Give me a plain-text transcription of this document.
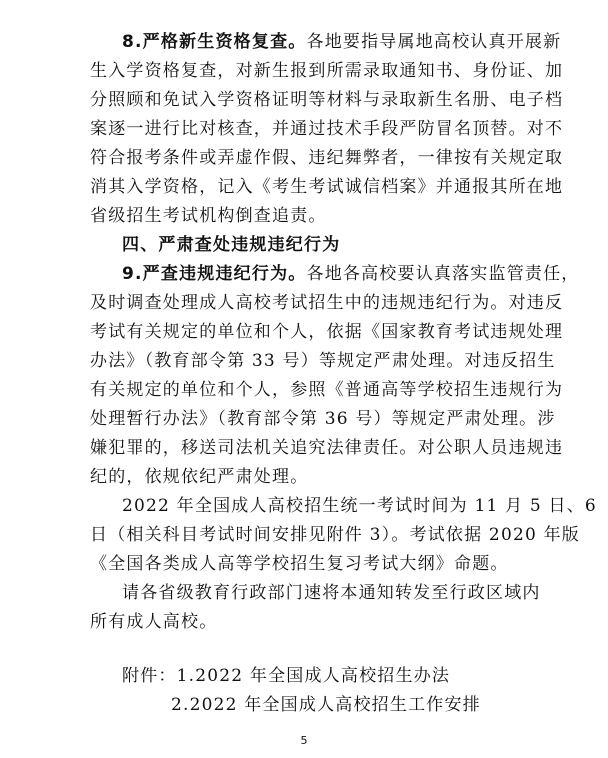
8.严格新生资格复查。各地要指导属地高校认真开展新
生入学资格复查，对新生报到所需录取通知书、身份证、加
分照顾和免试入学资格证明等材料与录取新生名册、电子档
案逐一进行比对核查，并通过技术手段严防冒名顶替。对不
符合报考条件或弄虚作假、违纪舞弊者，一律按有关规定取
消其入学资格，记入《考生考试诚信档案》并通报其所在地
省级招生考试机构倒查追责。
四、严肃查处违规违纪行为
9.严查违规违纪行为。各地各高校要认真落实监管责任，
及时调查处理成人高校考试招生中的违规违纪行为。对违反
考试有关规定的单位和个人，依据《国家教育考试违规处理
办法》（教育部令第 33 号）等规定严肃处理。对违反招生
有关规定的单位和个人，参照《普通高等学校招生违规行为
处理暂行办法》（教育部令第 36 号）等规定严肃处理。涉
嫌犯罪的，移送司法机关追究法律责任。对公职人员违规违
纪的，依规依纪严肃处理。
2022 年全国成人高校招生统一考试时间为 11 月 5 日、6
日（相关科目考试时间安排见附件 3）。考试依据 2020 年版
《全国各类成人高等学校招生复习考试大纲》命题。
请各省级教育行政部门速将本通知转发至行政区域内
所有成人高校。
附件：1.2022 年全国成人高校招生办法
2.2022 年全国成人高校招生工作安排
5
